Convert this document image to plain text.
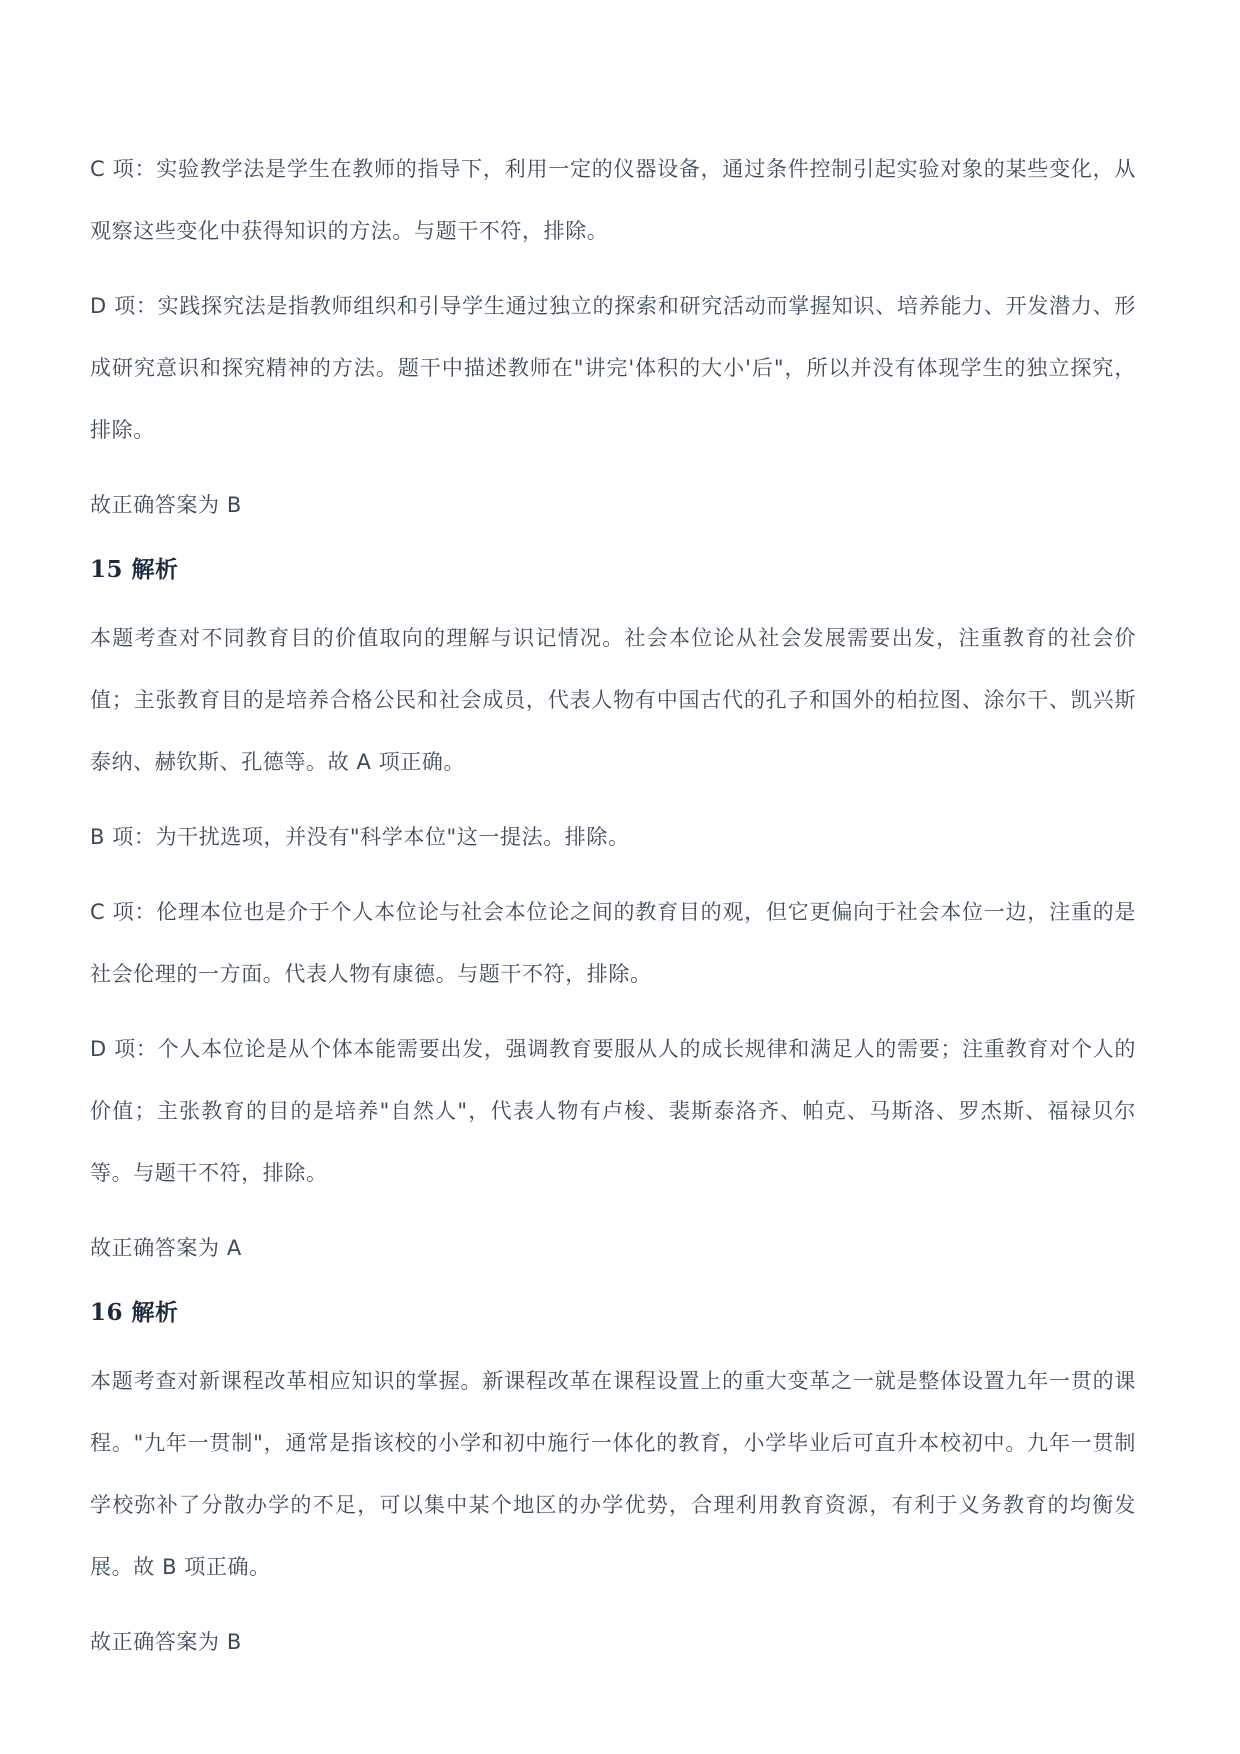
C 项：实验教学法是学生在教师的指导下，利用一定的仪器设备，通过条件控制引起实验对象的某些变化，从观察这些变化中获得知识的方法。与题干不符，排除。

D 项：实践探究法是指教师组织和引导学生通过独立的探索和研究活动而掌握知识、培养能力、开发潜力、形成研究意识和探究精神的方法。题干中描述教师在"讲完'体积的大小'后"，所以并没有体现学生的独立探究，排除。

故正确答案为 B

15 解析

本题考查对不同教育目的价值取向的理解与识记情况。社会本位论从社会发展需要出发，注重教育的社会价值；主张教育目的是培养合格公民和社会成员，代表人物有中国古代的孔子和国外的柏拉图、涂尔干、凯兴斯泰纳、赫钦斯、孔德等。故 A 项正确。

B 项：为干扰选项，并没有"科学本位"这一提法。排除。

C 项：伦理本位也是介于个人本位论与社会本位论之间的教育目的观，但它更偏向于社会本位一边，注重的是社会伦理的一方面。代表人物有康德。与题干不符，排除。

D 项：个人本位论是从个体本能需要出发，强调教育要服从人的成长规律和满足人的需要；注重教育对个人的价值；主张教育的目的是培养"自然人"，代表人物有卢梭、裴斯泰洛齐、帕克、马斯洛、罗杰斯、福禄贝尔等。与题干不符，排除。

故正确答案为 A

16 解析

本题考查对新课程改革相应知识的掌握。新课程改革在课程设置上的重大变革之一就是整体设置九年一贯的课程。"九年一贯制"，通常是指该校的小学和初中施行一体化的教育，小学毕业后可直升本校初中。九年一贯制学校弥补了分散办学的不足，可以集中某个地区的办学优势，合理利用教育资源，有利于义务教育的均衡发展。故 B 项正确。

故正确答案为 B
